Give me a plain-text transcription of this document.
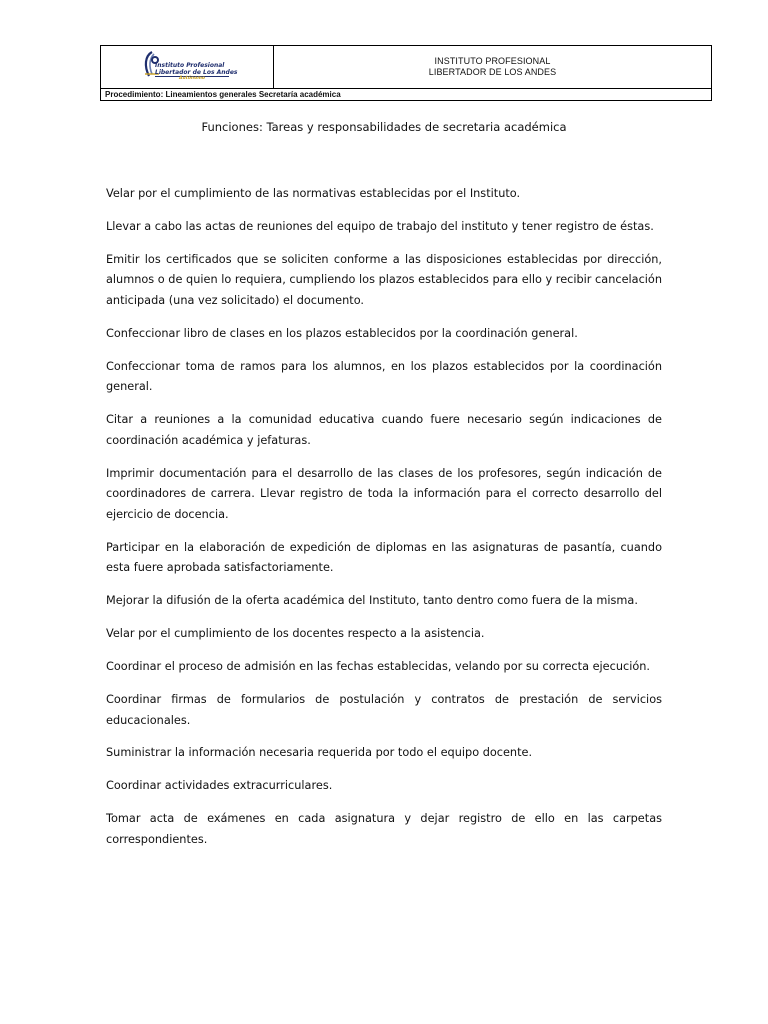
Instituto Profesional
Libertador de Los Andes
Autónomo

INSTITUTO PROFESIONAL
LIBERTADOR DE LOS ANDES

Procedimiento: Lineamientos generales Secretaría académica
Funciones: Tareas y responsabilidades de secretaria académica

Velar por el cumplimiento de las normativas establecidas por el Instituto.

Llevar a cabo las actas de reuniones del equipo de trabajo del instituto y tener registro de éstas.

Emitir los certificados que se soliciten conforme a las disposiciones establecidas por dirección, alumnos o de quien lo requiera, cumpliendo los plazos establecidos para ello y recibir cancelación anticipada (una vez solicitado) el documento.

Confeccionar libro de clases en los plazos establecidos por la coordinación general.

Confeccionar toma de ramos para los alumnos, en los plazos establecidos por la coordinación general.

Citar a reuniones a la comunidad educativa cuando fuere necesario según indicaciones de coordinación académica y jefaturas.

Imprimir documentación para el desarrollo de las clases de los profesores, según indicación de coordinadores de carrera. Llevar registro de toda la información para el correcto desarrollo del ejercicio de docencia.

Participar en la elaboración de expedición de diplomas en las asignaturas de pasantía, cuando esta fuere aprobada satisfactoriamente.

Mejorar la difusión de la oferta académica del Instituto, tanto dentro como fuera de la misma.

Velar por el cumplimiento de los docentes respecto a la asistencia.

Coordinar el proceso de admisión en las fechas establecidas, velando por su correcta ejecución.

Coordinar firmas de formularios de postulación y contratos de prestación de servicios educacionales.

Suministrar la información necesaria requerida por todo el equipo docente.

Coordinar actividades extracurriculares.

Tomar acta de exámenes en cada asignatura y dejar registro de ello en las carpetas correspondientes.
